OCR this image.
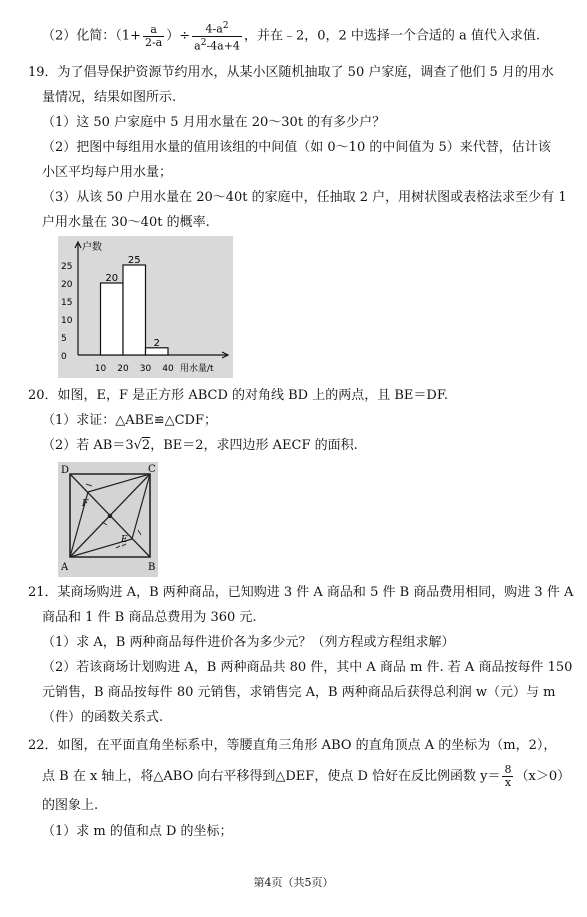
（2）化简：（$1+ \frac{a}{2-a}$ ）÷ $\frac{4-a^2}{a^2-4a+4}$ ，并在﹣2，0，2 中选择一个合适的 a 值代入求值.
19．为了倡导保护资源节约用水，从某小区随机抽取了 50 户家庭，调查了他们 5 月的用水
量情况，结果如图所示.
（1）这 50 户家庭中 5 月用水量在 20～30t 的有多少户？
（2）把图中每组用水量的值用该组的中间值（如 0～10 的中间值为 5）来代替，估计该
小区平均每户用水量；
（3）从该 50 户用水量在 20～40t 的家庭中，任抽取 2 户，用树状图或表格法求至少有 1
户用水量在 30～40t 的概率.
户数
用水量/t
25
20
15
10
5
0
20
25
2
10 20 30 40
20．如图，E，F 是正方形 ABCD 的对角线 BD 上的两点，且 BE＝DF.
（1）求证：△ABE≌△CDF；
（2）若 AB＝3√2，BE＝2，求四边形 AECF 的面积.
D	C
A	B
F
E
21．某商场购进 A，B 两种商品，已知购进 3 件 A 商品和 5 件 B 商品费用相同，购进 3 件 A
商品和 1 件 B 商品总费用为 360 元.
（1）求 A，B 两种商品每件进价各为多少元？（列方程或方程组求解）
（2）若该商场计划购进 A，B 两种商品共 80 件，其中 A 商品 m 件. 若 A 商品按每件 150
元销售，B 商品按每件 80 元销售，求销售完 A，B 两种商品后获得总利润 w（元）与 m
（件）的函数关系式.
22．如图，在平面直角坐标系中，等腰直角三角形 ABO 的直角顶点 A 的坐标为（m，2），
点 B 在 x 轴上，将△ABO 向右平移得到△DEF，使点 D 恰好在反比例函数 $y= \frac{8}{x} (x>0)$
的图象上.
（1）求 m 的值和点 D 的坐标；
第4页（共5页）
